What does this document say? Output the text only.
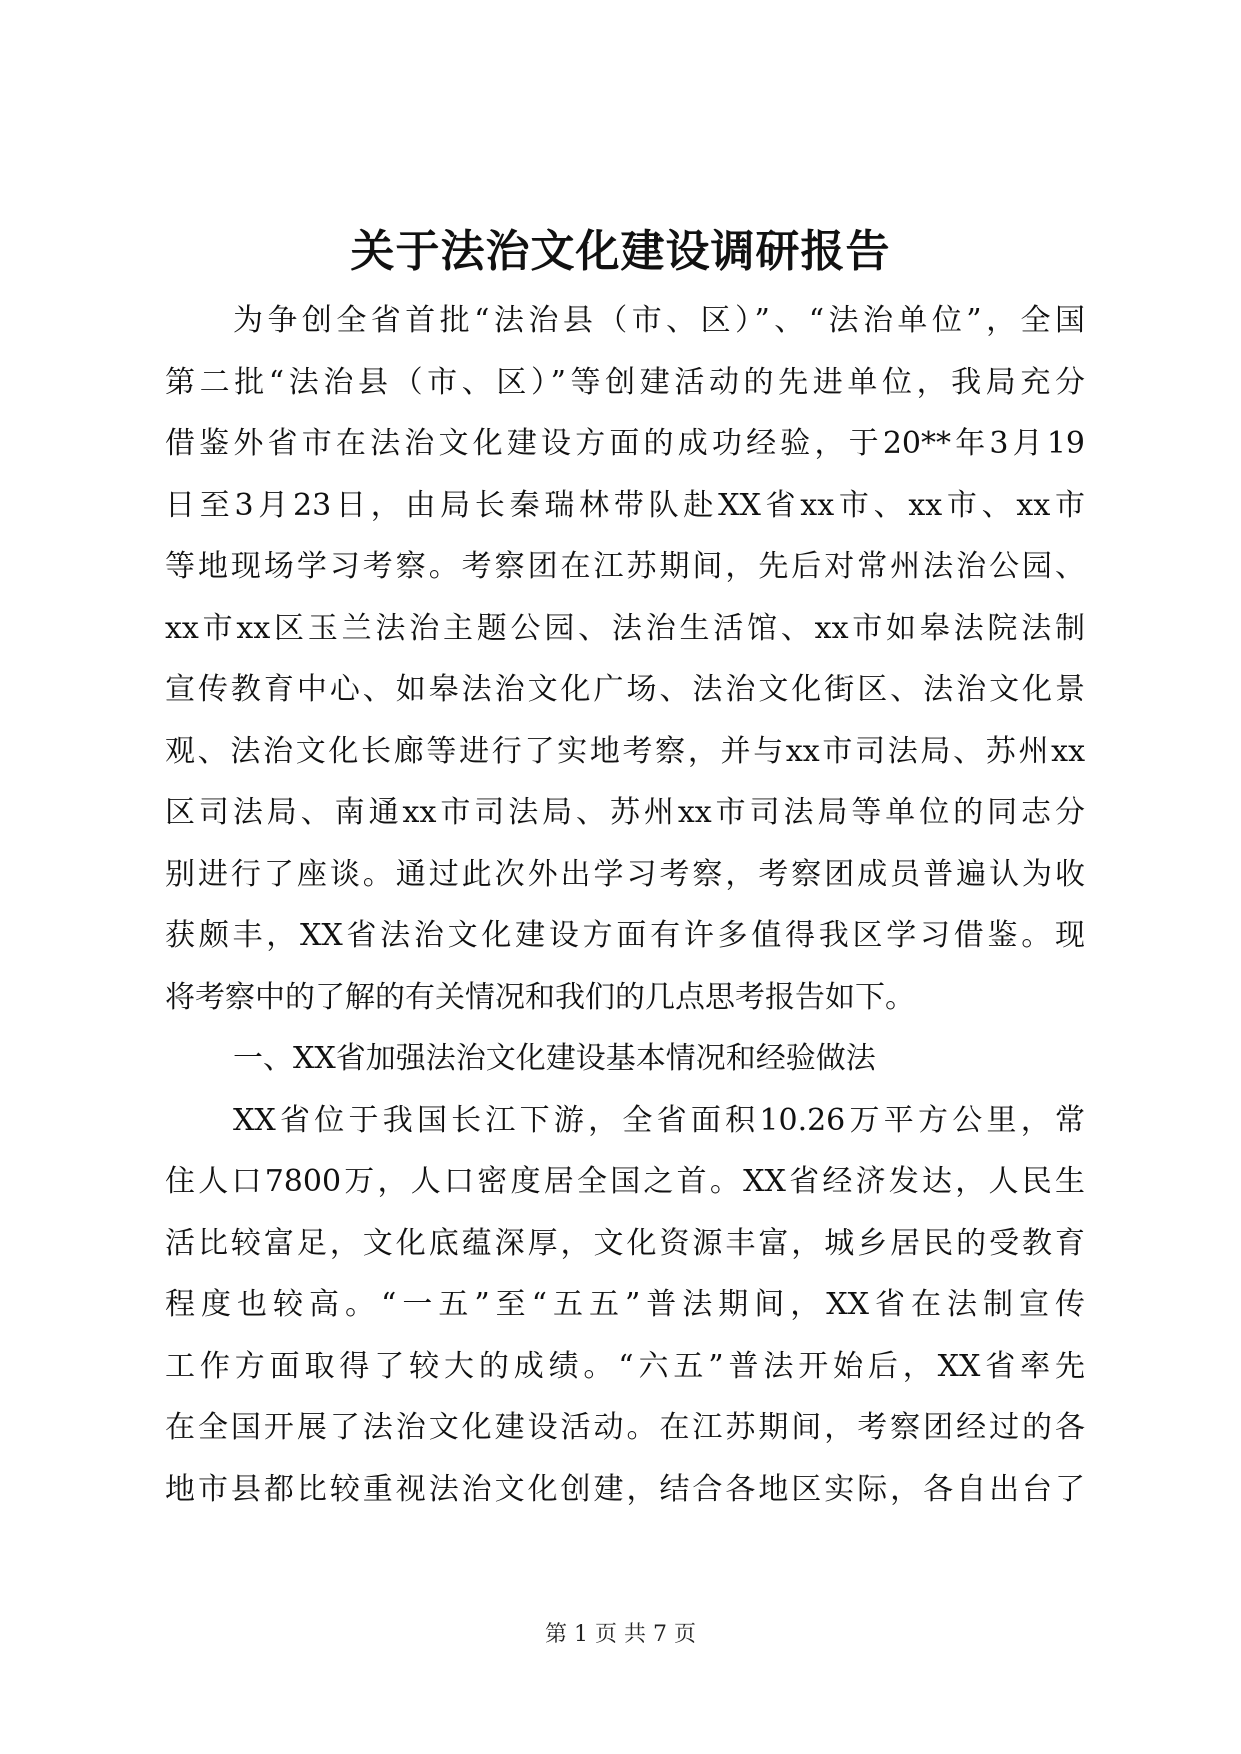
关于法治文化建设调研报告
为争创全省首批“法治县（市、区）”、“法治单位”，全国
第二批“法治县（市、区）”等创建活动的先进单位，我局充分
借鉴外省市在法治文化建设方面的成功经验，于20**年3月19
日至3月23日，由局长秦瑞林带队赴XX省xx市、xx市、xx市
等地现场学习考察。考察团在江苏期间，先后对常州法治公园、
xx市xx区玉兰法治主题公园、法治生活馆、xx市如皋法院法制
宣传教育中心、如皋法治文化广场、法治文化街区、法治文化景
观、法治文化长廊等进行了实地考察，并与xx市司法局、苏州xx
区司法局、南通xx市司法局、苏州xx市司法局等单位的同志分
别进行了座谈。通过此次外出学习考察，考察团成员普遍认为收
获颇丰，XX省法治文化建设方面有许多值得我区学习借鉴。现
将考察中的了解的有关情况和我们的几点思考报告如下。
一、XX省加强法治文化建设基本情况和经验做法
XX省位于我国长江下游，全省面积10.26万平方公里，常
住人口7800万，人口密度居全国之首。XX省经济发达，人民生
活比较富足，文化底蕴深厚，文化资源丰富，城乡居民的受教育
程度也较高。“一五”至“五五”普法期间，XX省在法制宣传
工作方面取得了较大的成绩。“六五”普法开始后，XX省率先
在全国开展了法治文化建设活动。在江苏期间，考察团经过的各
地市县都比较重视法治文化创建，结合各地区实际，各自出台了
第 1 页 共 7 页
